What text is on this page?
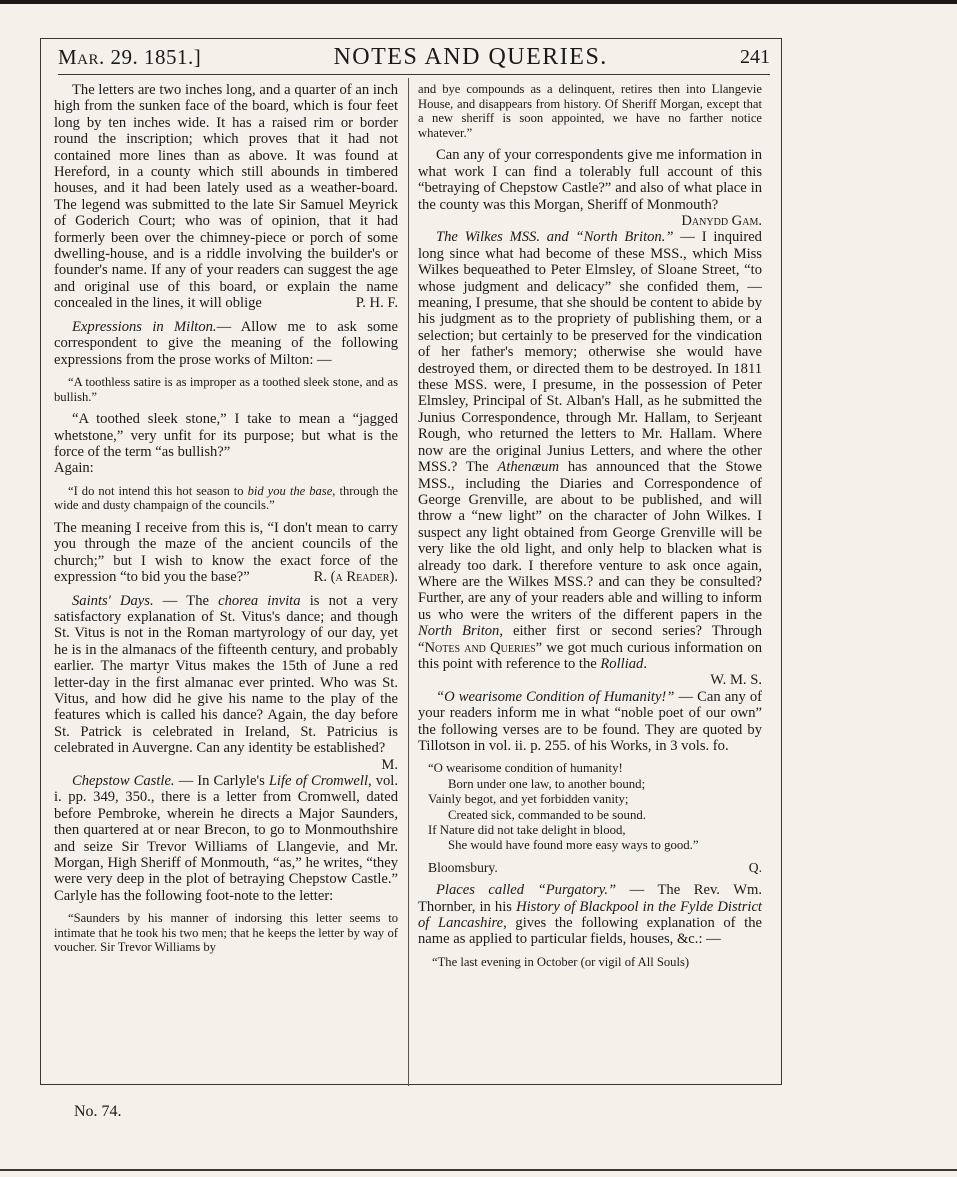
Mar. 29. 1851.]	NOTES AND QUERIES.	241

The letters are two inches long, and a quarter of an inch high from the sunken face of the board, which is four feet long by ten inches wide. It has a raised rim or border round the inscription; which proves that it had not contained more lines than as above. It was found at Hereford, in a county which still abounds in timbered houses, and it had been lately used as a weather-board. The legend was submitted to the late Sir Samuel Meyrick of Goderich Court; who was of opinion, that it had formerly been over the chimney-piece or porch of some dwelling-house, and is a riddle involving the builder's or founder's name. If any of your readers can suggest the age and original use of this board, or explain the name concealed in the lines, it will oblige	P. H. F.

Expressions in Milton.— Allow me to ask some correspondent to give the meaning of the following expressions from the prose works of Milton: —

“A toothless satire is as improper as a toothed sleek stone, and as bullish.”

“A toothed sleek stone,” I take to mean a “jagged whetstone,” very unfit for its purpose; but what is the force of the term “as bullish?”
Again:

“I do not intend this hot season to bid you the base, through the wide and dusty champaign of the councils.”

The meaning I receive from this is, “I don't mean to carry you through the maze of the ancient councils of the church;” but I wish to know the exact force of the expression “to bid you the base?”	R. (a Reader).

Saints' Days. — The chorea invita is not a very satisfactory explanation of St. Vitus's dance; and though St. Vitus is not in the Roman martyrology of our day, yet he is in the almanacs of the fifteenth century, and probably earlier. The martyr Vitus makes the 15th of June a red letter-day in the first almanac ever printed. Who was St. Vitus, and how did he give his name to the play of the features which is called his dance? Again, the day before St. Patrick is celebrated in Ireland, St. Patricius is celebrated in Auvergne. Can any identity be established?
M.

Chepstow Castle. — In Carlyle's Life of Cromwell, vol. i. pp. 349, 350., there is a letter from Cromwell, dated before Pembroke, wherein he directs a Major Saunders, then quartered at or near Brecon, to go to Monmouthshire and seize Sir Trevor Williams of Llangevie, and Mr. Morgan, High Sheriff of Monmouth, “as,” he writes, “they were very deep in the plot of betraying Chepstow Castle.” Carlyle has the following foot-note to the letter:

“Saunders by his manner of indorsing this letter seems to intimate that he took his two men; that he keeps the letter by way of voucher. Sir Trevor Williams by
and bye compounds as a delinquent, retires then into Llangevie House, and disappears from history. Of Sheriff Morgan, except that a new sheriff is soon appointed, we have no farther notice whatever.”

Can any of your correspondents give me information in what work I can find a tolerably full account of this “betraying of Chepstow Castle?” and also of what place in the county was this Morgan, Sheriff of Monmouth?
Danydd Gam.

The Wilkes MSS. and “North Briton.” — I inquired long since what had become of these MSS., which Miss Wilkes bequeathed to Peter Elmsley, of Sloane Street, “to whose judgment and delicacy” she confided them, — meaning, I presume, that she should be content to abide by his judgment as to the propriety of publishing them, or a selection; but certainly to be preserved for the vindication of her father's memory; otherwise she would have destroyed them, or directed them to be destroyed. In 1811 these MSS. were, I presume, in the possession of Peter Elmsley, Principal of St. Alban's Hall, as he submitted the Junius Correspondence, through Mr. Hallam, to Serjeant Rough, who returned the letters to Mr. Hallam. Where now are the original Junius Letters, and where the other MSS.? The Athenæum has announced that the Stowe MSS., including the Diaries and Correspondence of George Grenville, are about to be published, and will throw a “new light” on the character of John Wilkes. I suspect any light obtained from George Grenville will be very like the old light, and only help to blacken what is already too dark. I therefore venture to ask once again, Where are the Wilkes MSS.? and can they be consulted? Further, are any of your readers able and willing to inform us who were the writers of the different papers in the North Briton, either first or second series? Through “Notes and Queries” we got much curious information on this point with reference to the Rolliad.

W. M. S.

“O wearisome Condition of Humanity!” — Can any of your readers inform me in what “noble poet of our own” the following verses are to be found. They are quoted by Tillotson in vol. ii. p. 255. of his Works, in 3 vols. fo.

“O wearisome condition of humanity!
Born under one law, to another bound;
Vainly begot, and yet forbidden vanity;
Created sick, commanded to be sound.
If Nature did not take delight in blood,
She would have found more easy ways to good.”
Bloomsbury.	Q.

Places called “Purgatory.” — The Rev. Wm. Thornber, in his History of Blackpool in the Fylde District of Lancashire, gives the following explanation of the name as applied to particular fields, houses, &c.: —

“The last evening in October (or vigil of All Souls)
No. 74.
